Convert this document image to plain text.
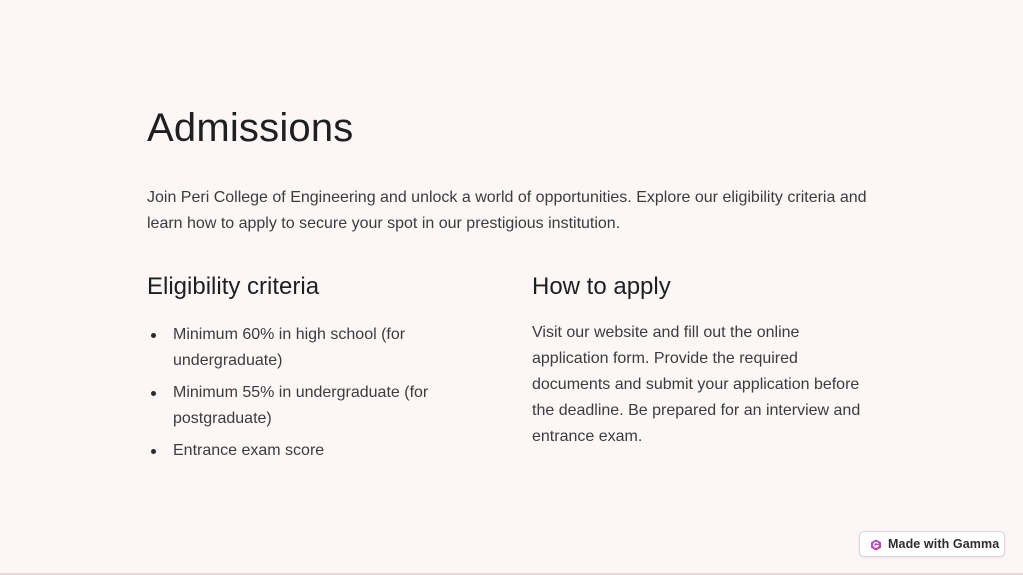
Admissions

Join Peri College of Engineering and unlock a world of opportunities. Explore our eligibility criteria and learn how to apply to secure your spot in our prestigious institution.

Eligibility criteria
Minimum 60% in high school (for undergraduate)
Minimum 55% in undergraduate (for postgraduate)
Entrance exam score
How to apply

Visit our website and fill out the online application form. Provide the required documents and submit your application before the deadline. Be prepared for an interview and entrance exam.

Made with Gamma
